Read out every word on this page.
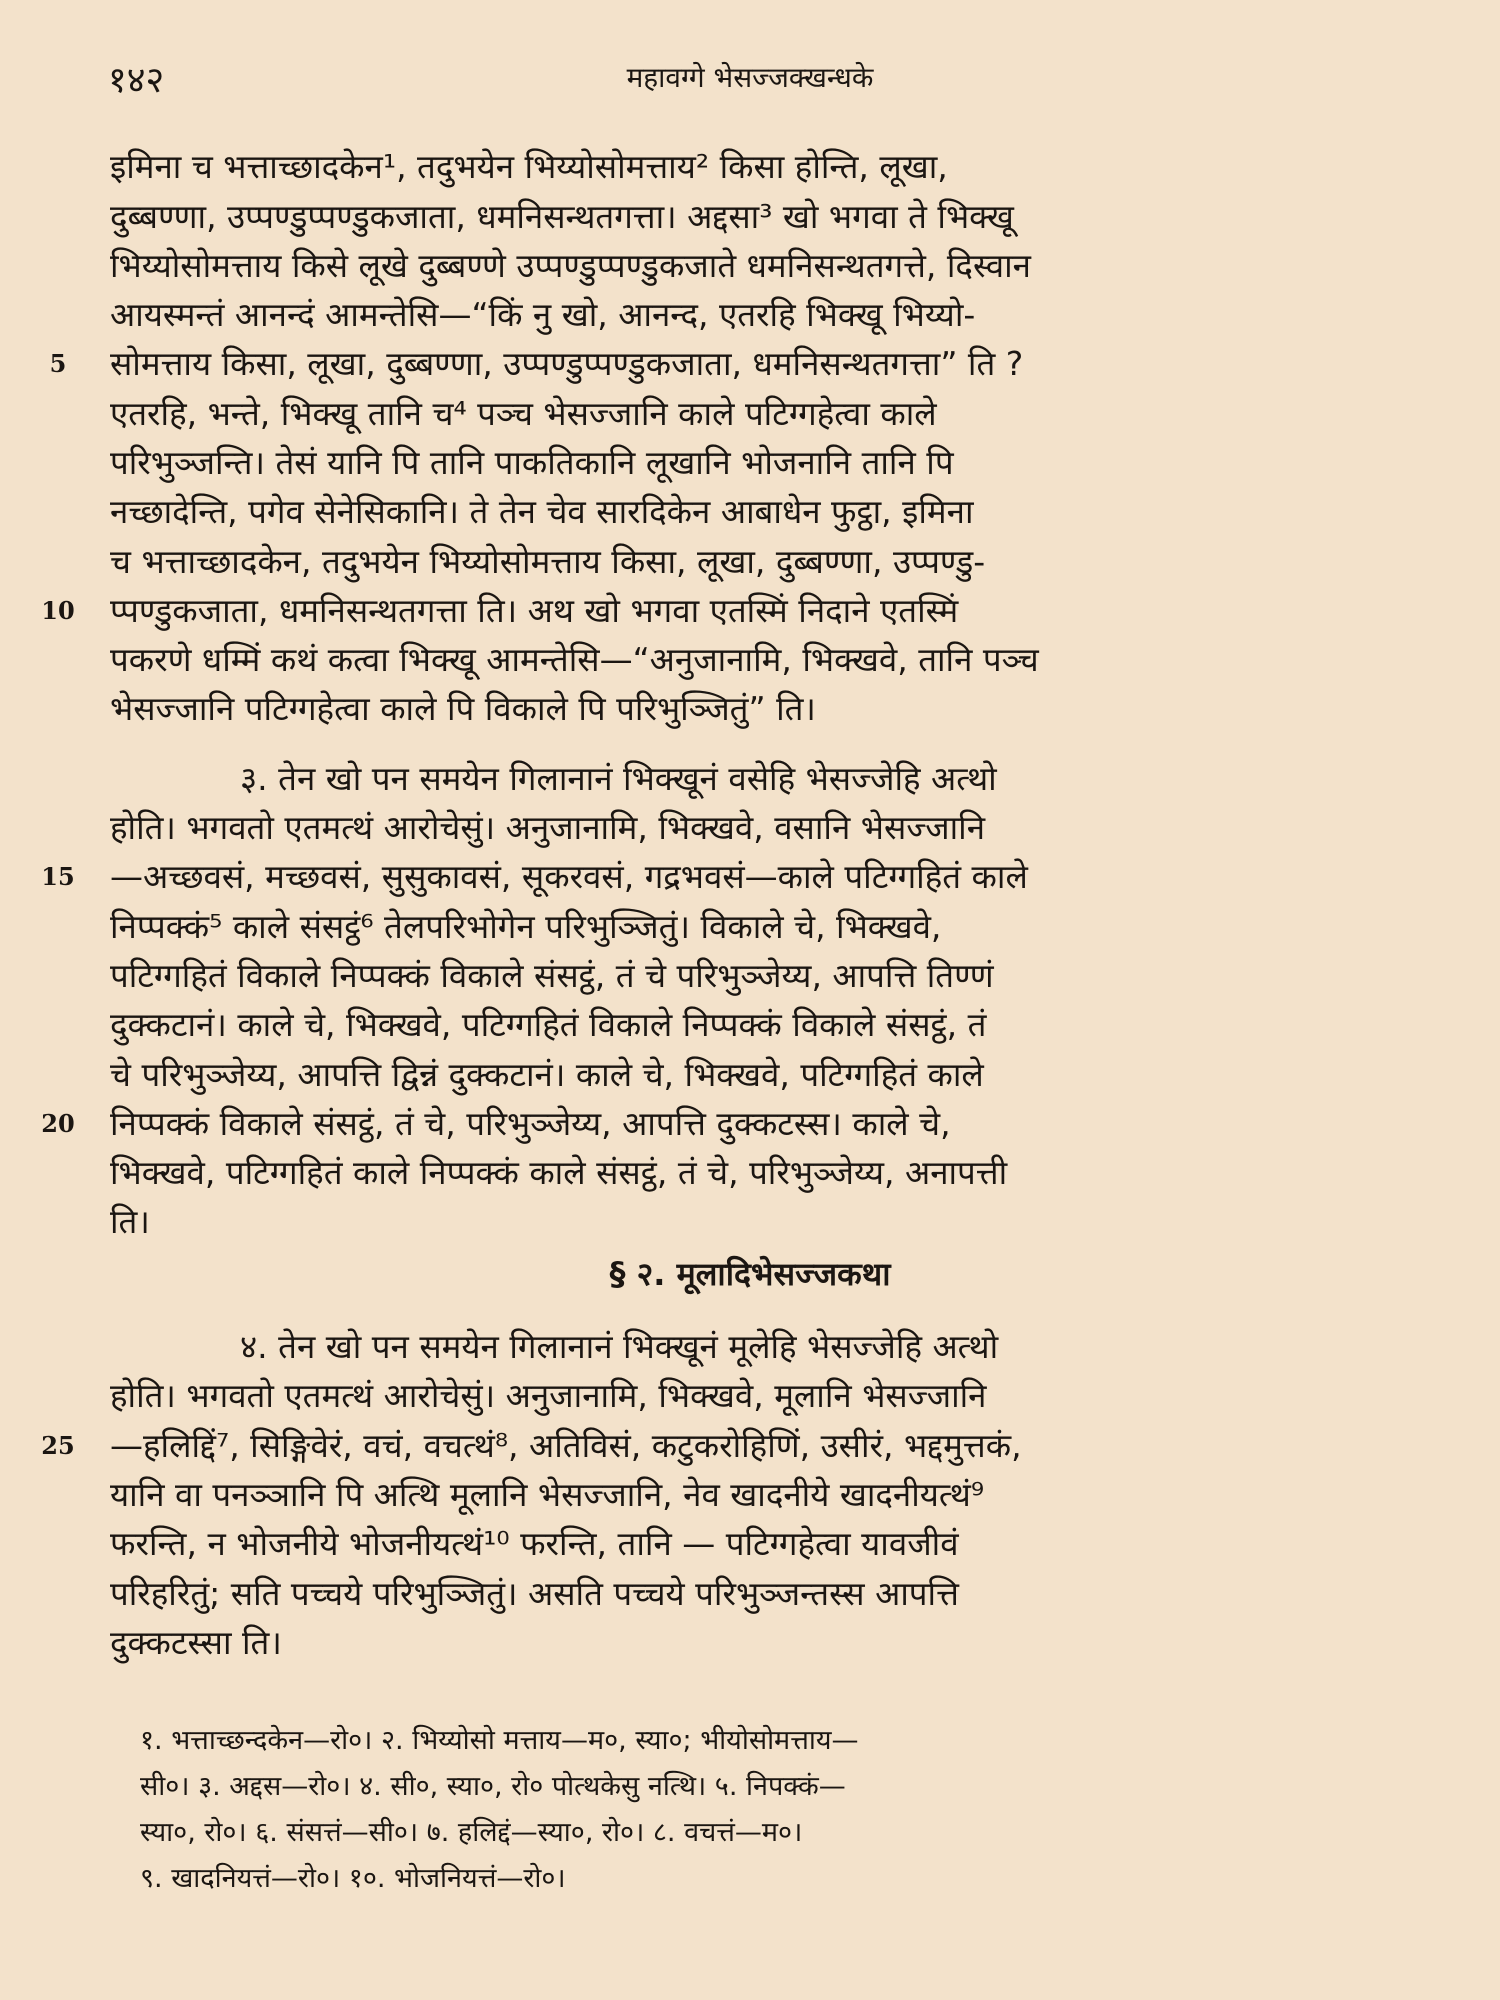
१४२	महावग्गे भेसज्जक्खन्धके
5
10
15
20
25
इमिना च भत्ताच्छादकेन¹, तदुभयेन भिय्योसोमत्ताय² किसा होन्ति, लूखा,
दुब्बण्णा, उप्पण्डुप्पण्डुकजाता, धमनिसन्थतगत्ता। अद्दसा³ खो भगवा ते भिक्खू
भिय्योसोमत्ताय किसे लूखे दुब्बण्णे उप्पण्डुप्पण्डुकजाते धमनिसन्थतगत्ते, दिस्वान
आयस्मन्तं आनन्दं आमन्तेसि—“किं नु खो, आनन्द, एतरहि भिक्खू भिय्यो-
सोमत्ताय किसा, लूखा, दुब्बण्णा, उप्पण्डुप्पण्डुकजाता, धमनिसन्थतगत्ता” ति ?
एतरहि, भन्ते, भिक्खू तानि च⁴ पञ्च भेसज्जानि काले पटिग्गहेत्वा काले
परिभुञ्जन्ति। तेसं यानि पि तानि पाकतिकानि लूखानि भोजनानि तानि पि
नच्छादेन्ति, पगेव सेनेसिकानि। ते तेन चेव सारदिकेन आबाधेन फुट्ठा, इमिना
च भत्ताच्छादकेन, तदुभयेन भिय्योसोमत्ताय किसा, लूखा, दुब्बण्णा, उप्पण्डु-
प्पण्डुकजाता, धमनिसन्थतगत्ता ति। अथ खो भगवा एतस्मिं निदाने एतस्मिं
पकरणे धम्मिं कथं कत्वा भिक्खू आमन्तेसि—“अनुजानामि, भिक्खवे, तानि पञ्च
भेसज्जानि पटिग्गहेत्वा काले पि विकाले पि परिभुञ्जितुं” ति।
३. तेन खो पन समयेन गिलानानं भिक्खूनं वसेहि भेसज्जेहि अत्थो
होति। भगवतो एतमत्थं आरोचेसुं। अनुजानामि, भिक्खवे, वसानि भेसज्जानि
—अच्छवसं, मच्छवसं, सुसुकावसं, सूकरवसं, गद्रभवसं—काले पटिग्गहितं काले
निप्पक्कं⁵ काले संसट्ठं⁶ तेलपरिभोगेन परिभुञ्जितुं। विकाले चे, भिक्खवे,
पटिग्गहितं विकाले निप्पक्कं विकाले संसट्ठं, तं चे परिभुञ्जेय्य, आपत्ति तिण्णं
दुक्कटानं। काले चे, भिक्खवे, पटिग्गहितं विकाले निप्पक्कं विकाले संसट्ठं, तं
चे परिभुञ्जेय्य, आपत्ति द्विन्नं दुक्कटानं। काले चे, भिक्खवे, पटिग्गहितं काले
निप्पक्कं विकाले संसट्ठं, तं चे, परिभुञ्जेय्य, आपत्ति दुक्कटस्स। काले चे,
भिक्खवे, पटिग्गहितं काले निप्पक्कं काले संसट्ठं, तं चे, परिभुञ्जेय्य, अनापत्ती
ति।
§ २. मूलादिभेसज्जकथा
४. तेन खो पन समयेन गिलानानं भिक्खूनं मूलेहि भेसज्जेहि अत्थो
होति। भगवतो एतमत्थं आरोचेसुं। अनुजानामि, भिक्खवे, मूलानि भेसज्जानि
—हलिद्दिं⁷, सिङ्गिवेरं, वचं, वचत्थं⁸, अतिविसं, कटुकरोहिणिं, उसीरं, भद्दमुत्तकं,
यानि वा पनञ्ञानि पि अत्थि मूलानि भेसज्जानि, नेव खादनीये खादनीयत्थं⁹
फरन्ति, न भोजनीये भोजनीयत्थं¹⁰ फरन्ति, तानि — पटिग्गहेत्वा यावजीवं
परिहरितुं; सति पच्चये परिभुञ्जितुं। असति पच्चये परिभुञ्जन्तस्स आपत्ति
दुक्कटस्सा ति।
१. भत्ताच्छन्दकेन—रो०। २. भिय्योसो मत्ताय—म०, स्या०; भीयोसोमत्ताय—
सी०। ३. अद्दस—रो०। ४. सी०, स्या०, रो० पोत्थकेसु नत्थि। ५. निपक्कं—
स्या०, रो०। ६. संसत्तं—सी०। ७. हलिद्दं—स्या०, रो०। ८. वचत्तं—म०।
९. खादनियत्तं—रो०। १०. भोजनियत्तं—रो०।
